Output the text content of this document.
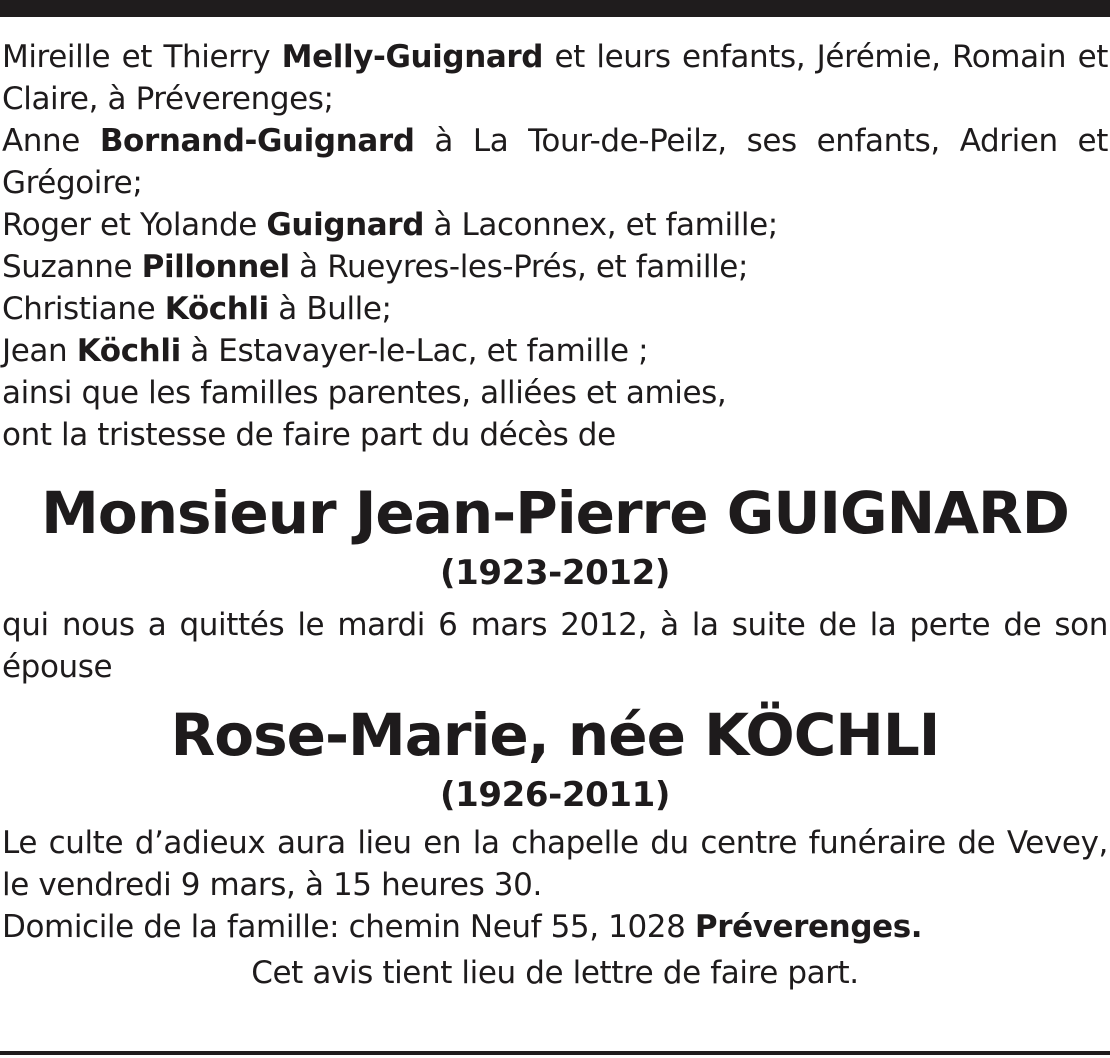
Mireille et Thierry Melly-Guignard et leurs enfants, Jérémie, Romain et Claire, à Préverenges;

Anne Bornand-Guignard à La Tour-de-Peilz, ses enfants, Adrien et Grégoire;

Roger et Yolande Guignard à Laconnex, et famille;

Suzanne Pillonnel à Rueyres-les-Prés, et famille;

Christiane Köchli à Bulle;

Jean Köchli à Estavayer-le-Lac, et famille ;

ainsi que les familles parentes, alliées et amies,

ont la tristesse de faire part du décès de

Monsieur Jean-Pierre GUIGNARD

(1923-2012)

qui nous a quittés le mardi 6 mars 2012, à la suite de la perte de son épouse

Rose-Marie, née KÖCHLI

(1926-2011)

Le culte d’adieux aura lieu en la chapelle du centre funéraire de Vevey, le vendredi 9 mars, à 15 heures 30.

Domicile de la famille: chemin Neuf 55, 1028 Préverenges.

Cet avis tient lieu de lettre de faire part.
